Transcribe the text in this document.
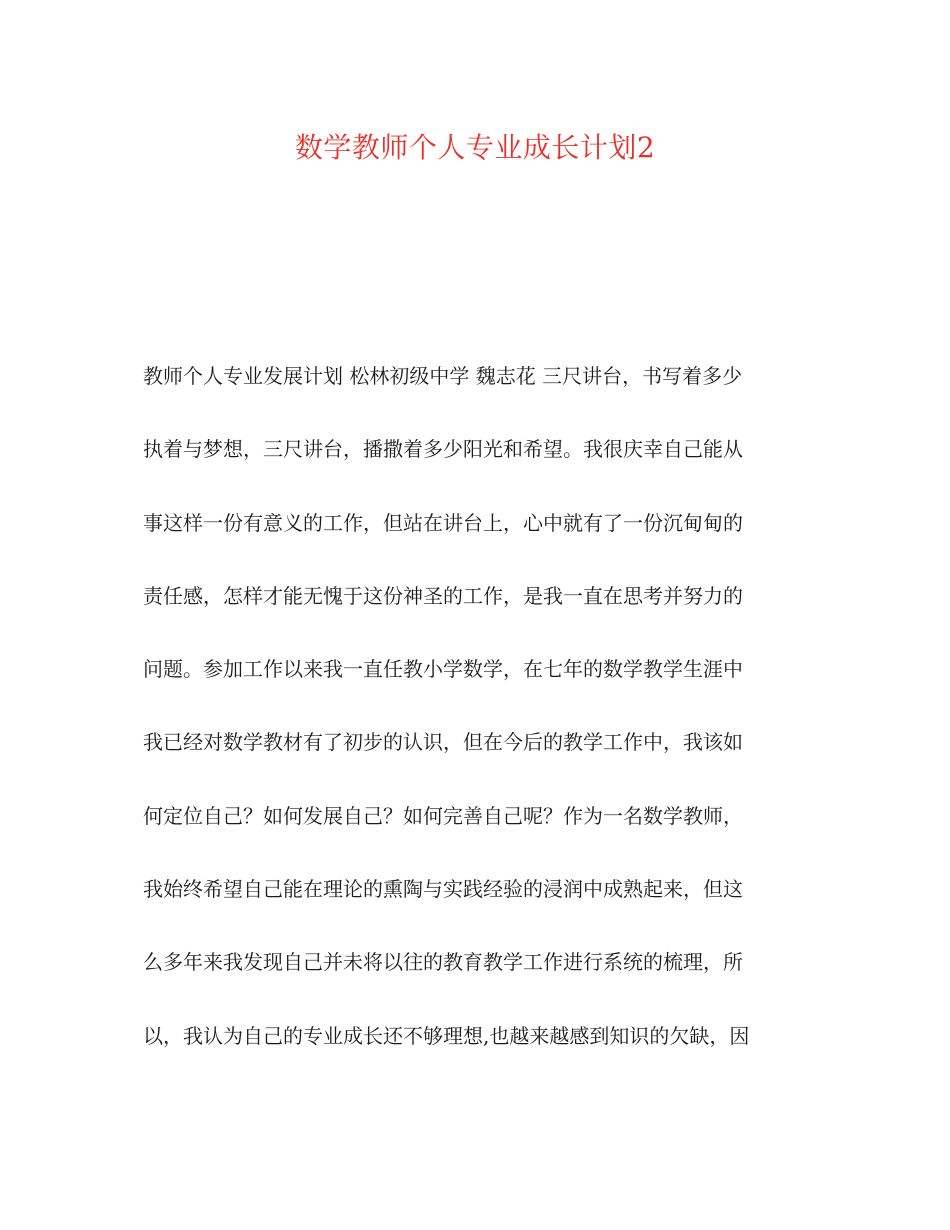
数学教师个人专业成长计划2
教师个人专业发展计划 松林初级中学 魏志花 三尺讲台，书写着多少
执着与梦想，三尺讲台，播撒着多少阳光和希望。我很庆幸自己能从
事这样一份有意义的工作，但站在讲台上，心中就有了一份沉甸甸的
责任感，怎样才能无愧于这份神圣的工作，是我一直在思考并努力的
问题。参加工作以来我一直任教小学数学，在七年的数学教学生涯中
我已经对数学教材有了初步的认识，但在今后的教学工作中，我该如
何定位自己？如何发展自己？如何完善自己呢？作为一名数学教师，
我始终希望自己能在理论的熏陶与实践经验的浸润中成熟起来，但这
么多年来我发现自己并未将以往的教育教学工作进行系统的梳理，所
以，我认为自己的专业成长还不够理想,也越来越感到知识的欠缺，因
